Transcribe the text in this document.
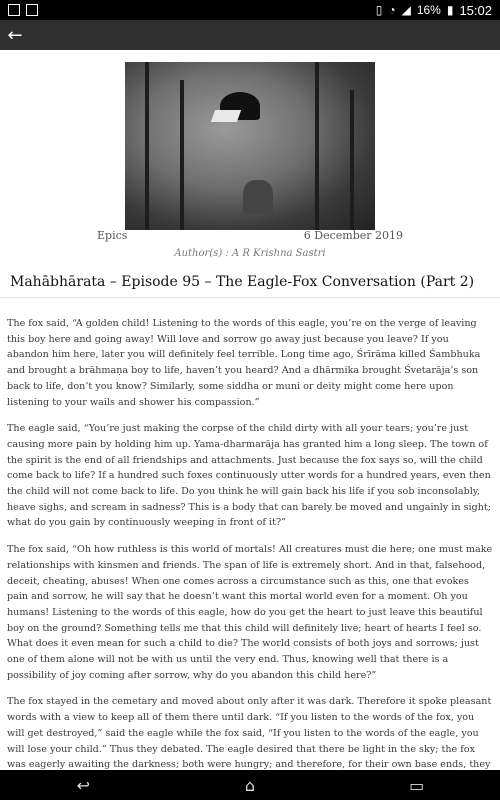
▯ ◔ ◢ 16% ▮ 15:02
←
Epics	6 December 2019
Author(s) : A R Krishna Sastri
Mahābhārata – Episode 95 – The Eagle-Fox Conversation (Part 2)

The fox said, “A golden child! Listening to the words of this eagle, you’re on the verge of leaving this boy here and going away! Will love and sorrow go away just because you leave? If you abandon him here, later you will definitely feel terrible. Long time ago, Śrīrāma killed Śambhuka and brought a brāhmaṇa boy to life, haven’t you heard? And a dhārmika brought Śvetarāja’s son back to life, don’t you know? Similarly, some siddha or muni or deity might come here upon listening to your wails and shower his compassion.”

The eagle said, “You’re just making the corpse of the child dirty with all your tears; you’re just causing more pain by holding him up. Yama-dharmarāja has granted him a long sleep. The town of the spirit is the end of all friendships and attachments. Just because the fox says so, will the child come back to life? If a hundred such foxes continuously utter words for a hundred years, even then the child will not come back to life. Do you think he will gain back his life if you sob inconsolably, heave sighs, and scream in sadness? This is a body that can barely be moved and ungainly in sight; what do you gain by continuously weeping in front of it?”

The fox said, “Oh how ruthless is this world of mortals! All creatures must die here; one must make relationships with kinsmen and friends. The span of life is extremely short. And in that, falsehood, deceit, cheating, abuses! When one comes across a circumstance such as this, one that evokes pain and sorrow, he will say that he doesn’t want this mortal world even for a moment. Oh you humans! Listening to the words of this eagle, how do you get the heart to just leave this beautiful boy on the ground? Something tells me that this child will definitely live; heart of hearts I feel so. What does it even mean for such a child to die? The world consists of both joys and sorrows; just one of them alone will not be with us until the very end. Thus, knowing well that there is a possibility of joy coming after sorrow, why do you abandon this child here?”

The fox stayed in the cemetary and moved about only after it was dark. Therefore it spoke pleasant words with a view to keep all of them there until dark. “If you listen to the words of the fox, you will get destroyed,” said the eagle while the fox said, “If you listen to the words of the eagle, you will lose your child.” Thus they debated. The eagle desired that there be light in the sky; the fox was eagerly awaiting the darkness; both were hungry; and therefore, for their own base ends, they

↩	⌂	▭
